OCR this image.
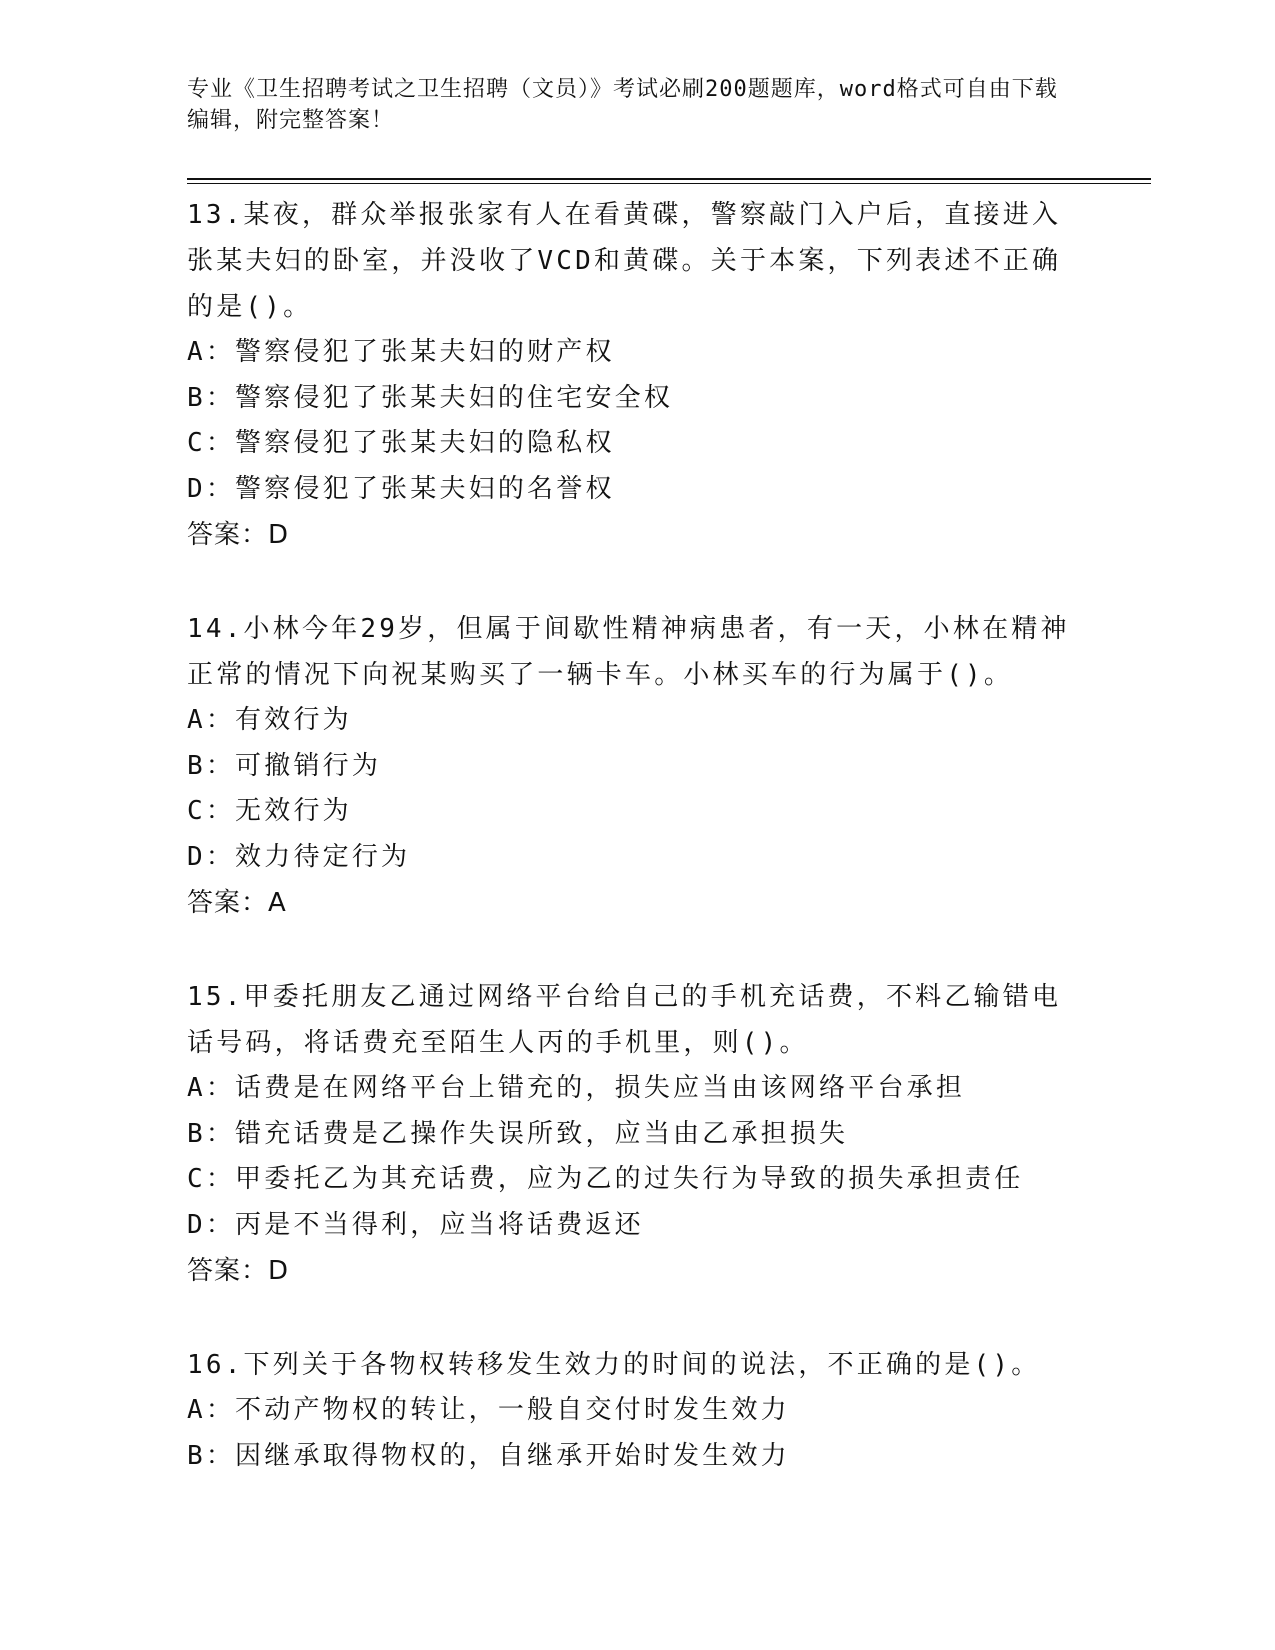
专业《卫生招聘考试之卫生招聘（文员）》考试必刷200题题库，word格式可自由下载编辑，附完整答案！
13.某夜，群众举报张家有人在看黄碟，警察敲门入户后，直接进入张某夫妇的卧室，并没收了VCD和黄碟。关于本案，下列表述不正确的是()。
A：警察侵犯了张某夫妇的财产权
B：警察侵犯了张某夫妇的住宅安全权
C：警察侵犯了张某夫妇的隐私权
D：警察侵犯了张某夫妇的名誉权
答案：D
14.小林今年29岁，但属于间歇性精神病患者，有一天，小林在精神正常的情况下向祝某购买了一辆卡车。小林买车的行为属于()。
A：有效行为
B：可撤销行为
C：无效行为
D：效力待定行为
答案：A
15.甲委托朋友乙通过网络平台给自己的手机充话费，不料乙输错电话号码，将话费充至陌生人丙的手机里，则()。
A：话费是在网络平台上错充的，损失应当由该网络平台承担
B：错充话费是乙操作失误所致，应当由乙承担损失
C：甲委托乙为其充话费，应为乙的过失行为导致的损失承担责任
D：丙是不当得利，应当将话费返还
答案：D
16.下列关于各物权转移发生效力的时间的说法，不正确的是()。
A：不动产物权的转让，一般自交付时发生效力
B：因继承取得物权的，自继承开始时发生效力
